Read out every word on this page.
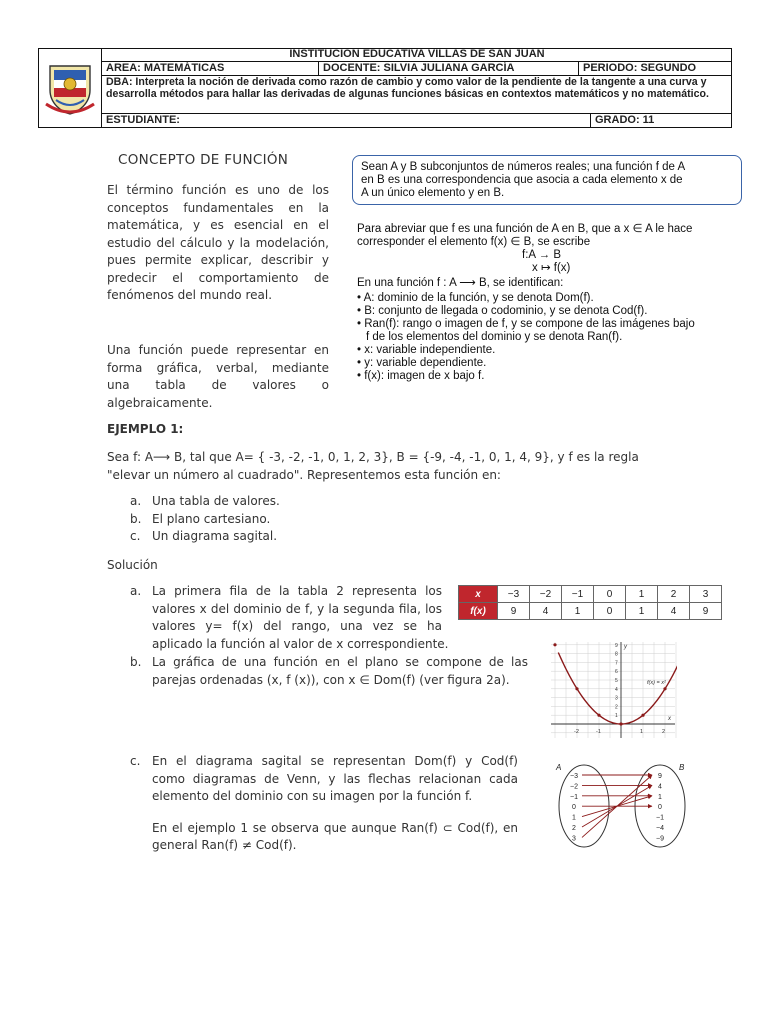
INSTITUCION EDUCATIVA VILLAS DE SAN JUAN
AREA: MATEMÁTICAS	DOCENTE: SILVIA JULIANA GARCÍA	PERIODO: SEGUNDO
DBA: Interpreta la noción de derivada como razón de cambio y como valor de la pendiente de la tangente a una curva y desarrolla métodos para hallar las derivadas de algunas funciones básicas en contextos matemáticos y no matemático.
ESTUDIANTE:	GRADO: 11
CONCEPTO DE FUNCIÓN
El término función es uno de los
conceptos fundamentales en la
matemática, y es esencial en el
estudio del cálculo y la modelación,
pues permite explicar, describir y
predecir el comportamiento de
fenómenos del mundo real.
Una función puede representar en
forma gráfica, verbal, mediante
una tabla de valores o
algebraicamente.
Sean A y B subconjuntos de números reales; una función f de A
en B es una correspondencia que asocia a cada elemento x de
A un único elemento y en B.
Para abreviar que f es una función de A en B, que a x ∈ A le hace
corresponder el elemento f(x) ∈ B, se escribe
f:A → B
x ↦ f(x)
En una función f : A ⟶ B, se identifican:
• A: dominio de la función, y se denota Dom(f).
• B: conjunto de llegada o codominio, y se denota Cod(f).
• Ran(f): rango o imagen de f, y se compone de las imágenes bajo
f de los elementos del dominio y se denota Ran(f).
• x: variable independiente.
• y: variable dependiente.
• f(x): imagen de x bajo f.
EJEMPLO 1:
Sea f: A⟶ B, tal que A= { -3, -2, -1, 0, 1, 2, 3}, B = {-9, -4, -1, 0, 1, 4, 9}, y f es la regla
"elevar un número al cuadrado". Representemos esta función en:
a. Una tabla de valores.
b. El plano cartesiano.
c. Un diagrama sagital.
Solución
a. La primera fila de la tabla 2 representa los
valores x del dominio de f, y la segunda fila, los
valores y= f(x) del rango, una vez se ha
aplicado la función al valor de x correspondiente.
x	−3	−2	−1	0	1	2	3
f(x)	9	4	1	0	1	4	9
b. La gráfica de una función en el plano se compone de las
parejas ordenadas (x, f (x)), con x ∈ Dom(f) (ver figura 2a).
-2	-1	1	2
9
8
7
6
5
4
3
2
1
y
x
f(x) = x²
c. En el diagrama sagital se representan Dom(f) y Cod(f)
como diagramas de Venn, y las flechas relacionan cada
elemento del dominio con su imagen por la función f.
En el ejemplo 1 se observa que aunque Ran(f) ⊂ Cod(f), en
general Ran(f) ≠ Cod(f).
A	B
−3
−2
−1
0
1
2
3
9
4
1
0
−1
−4
−9
